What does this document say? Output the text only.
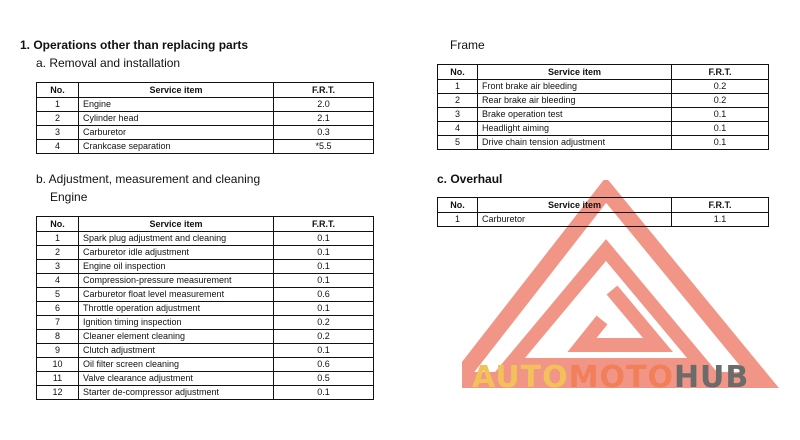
AUTOMOTOHUB
1. Operations other than replacing parts
a. Removal and installation
No.	Service item	F.R.T.
1	Engine	2.0
2	Cylinder head	2.1
3	Carburetor	0.3
4	Crankcase separation	*5.5
b. Adjustment, measurement and cleaning
Engine
No.	Service item	F.R.T.
1	Spark plug adjustment and cleaning	0.1
2	Carburetor idle adjustment	0.1
3	Engine oil inspection	0.1
4	Compression-pressure measurement	0.1
5	Carburetor float level measurement	0.6
6	Throttle operation adjustment	0.1
7	Ignition timing inspection	0.2
8	Cleaner element cleaning	0.2
9	Clutch adjustment	0.1
10	Oil filter screen cleaning	0.6
11	Valve clearance adjustment	0.5
12	Starter de-compressor adjustment	0.1
Frame
No.	Service item	F.R.T.
1	Front brake air bleeding	0.2
2	Rear brake air bleeding	0.2
3	Brake operation test	0.1
4	Headlight aiming	0.1
5	Drive chain tension adjustment	0.1
c. Overhaul
No.	Service item	F.R.T.
1	Carburetor	1.1
